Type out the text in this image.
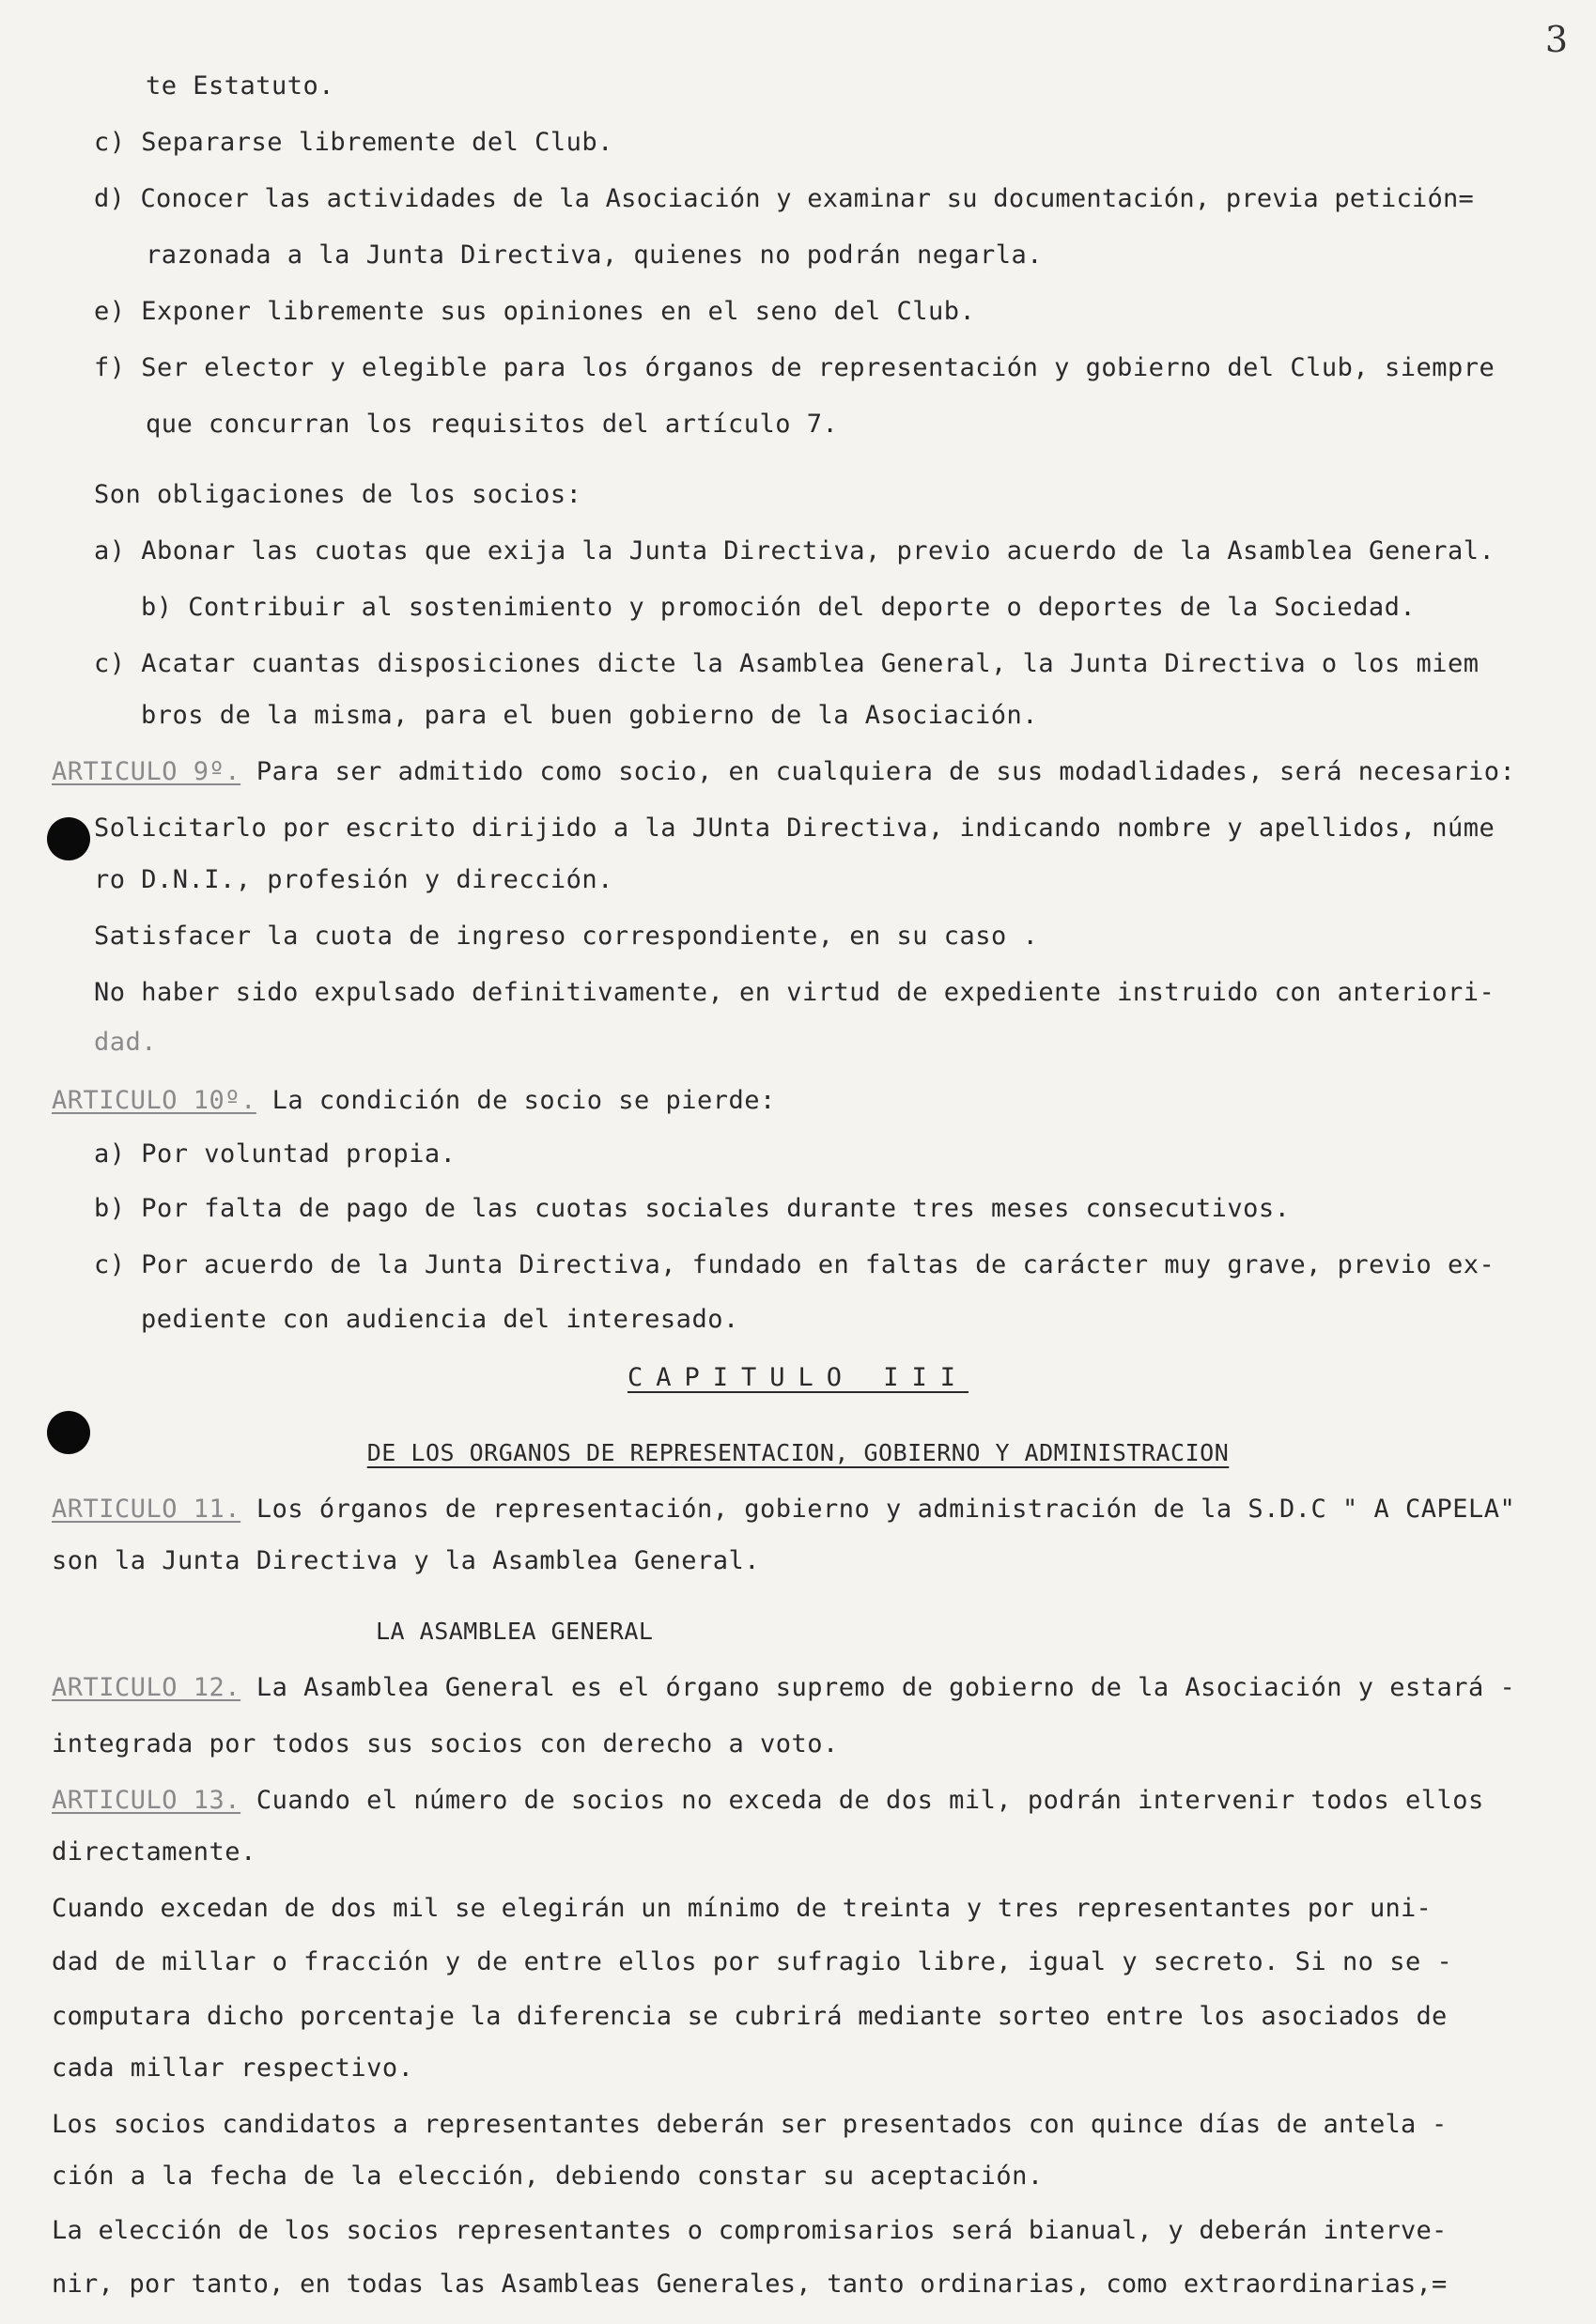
3
te Estatuto.
c) Separarse libremente del Club.
d) Conocer las actividades de la Asociación y examinar su documentación, previa petición=
razonada a la Junta Directiva, quienes no podrán negarla.
e) Exponer libremente sus opiniones en el seno del Club.
f) Ser elector y elegible para los órganos de representación y gobierno del Club, siempre
que concurran los requisitos del artículo 7.
Son obligaciones de los socios:
a) Abonar las cuotas que exija la Junta Directiva, previo acuerdo de la Asamblea General.
b) Contribuir al sostenimiento y promoción del deporte o deportes de la Sociedad.
c) Acatar cuantas disposiciones dicte la Asamblea General, la Junta Directiva o los miem
bros de la misma, para el buen gobierno de la Asociación.
ARTICULO 9º. Para ser admitido como socio, en cualquiera de sus modadlidades, será necesario:
Solicitarlo por escrito dirijido a la JUnta Directiva, indicando nombre y apellidos, núme
ro D.N.I., profesión y dirección.
Satisfacer la cuota de ingreso correspondiente, en su caso .
No haber sido expulsado definitivamente, en virtud de expediente instruido con anteriori-
dad.
ARTICULO 10º. La condición de socio se pierde:
a) Por voluntad propia.
b) Por falta de pago de las cuotas sociales durante tres meses consecutivos.
c) Por acuerdo de la Junta Directiva, fundado en faltas de carácter muy grave, previo ex-
pediente con audiencia del interesado.
CAPITULO III
DE LOS ORGANOS DE REPRESENTACION, GOBIERNO Y ADMINISTRACION
ARTICULO 11. Los órganos de representación, gobierno y administración de la S.D.C " A CAPELA"
son la Junta Directiva y la Asamblea General.
LA ASAMBLEA GENERAL
ARTICULO 12. La Asamblea General es el órgano supremo de gobierno de la Asociación y estará -
integrada por todos sus socios con derecho a voto.
ARTICULO 13. Cuando el número de socios no exceda de dos mil, podrán intervenir todos ellos
directamente.
Cuando excedan de dos mil se elegirán un mínimo de treinta y tres representantes por uni-
dad de millar o fracción y de entre ellos por sufragio libre, igual y secreto. Si no se -
computara dicho porcentaje la diferencia se cubrirá mediante sorteo entre los asociados de
cada millar respectivo.
Los socios candidatos a representantes deberán ser presentados con quince días de antela -
ción a la fecha de la elección, debiendo constar su aceptación.
La elección de los socios representantes o compromisarios será bianual, y deberán interve-
nir, por tanto, en todas las Asambleas Generales, tanto ordinarias, como extraordinarias,=
